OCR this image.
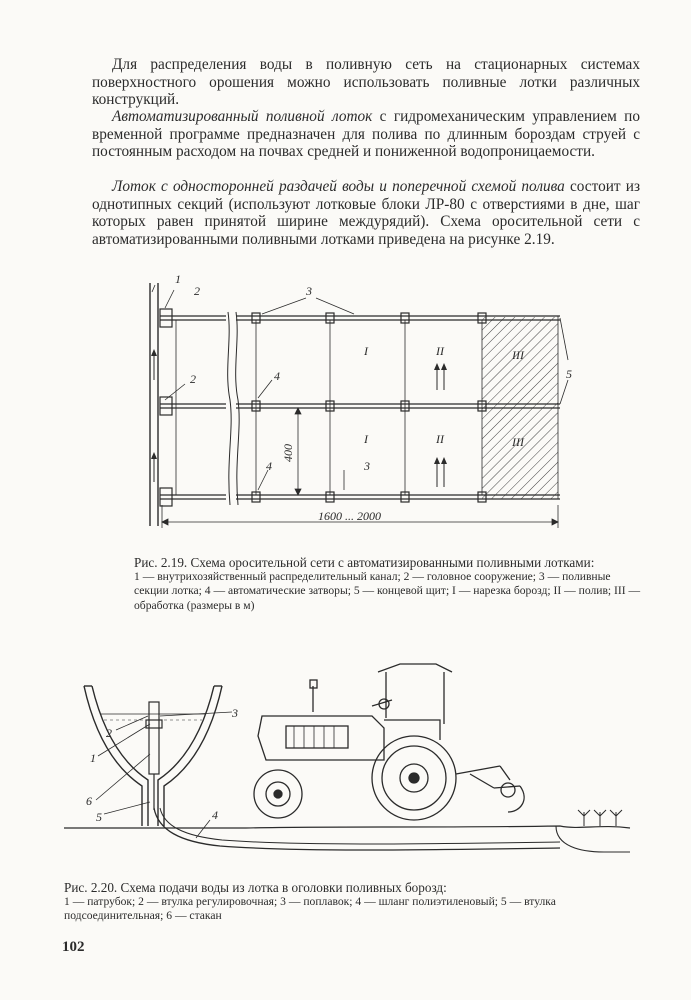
Для распределения воды в поливную сеть на стационарных системах поверхностного орошения можно использовать поливные лотки различных конструкций.

Автоматизированный поливной лоток с гидромеханическим управлением по временной программе предназначен для полива по длинным бороздам струей с постоянным расходом на почвах средней и пониженной водопроницаемости.

Лоток с односторонней раздачей воды и поперечной схемой полива состоит из однотипных секций (используют лотковые блоки ЛР-80 с отверстиями в дне, шаг которых равен принятой ширине междурядий). Схема оросительной сети с автоматизированными поливными лотками приведена на рисунке 2.19.

1
2
2
3
4
4	3
5
I	II	III
I	II	III
400
1600 ... 2000
3
2
1
6
5	4

Рис. 2.19. Схема оросительной сети с автоматизированными поливными лотками:
1 — внутрихозяйственный распределительный канал; 2 — головное сооружение; 3 — поливные секции лотка; 4 — автоматические затворы; 5 — концевой щит; I — нарезка борозд; II — полив; III — обработка (размеры в м)

Рис. 2.20. Схема подачи воды из лотка в оголовки поливных борозд:
1 — патрубок; 2 — втулка регулировочная; 3 — поплавок; 4 — шланг полиэтиленовый; 5 — втулка подсоединительная; 6 — стакан

102
